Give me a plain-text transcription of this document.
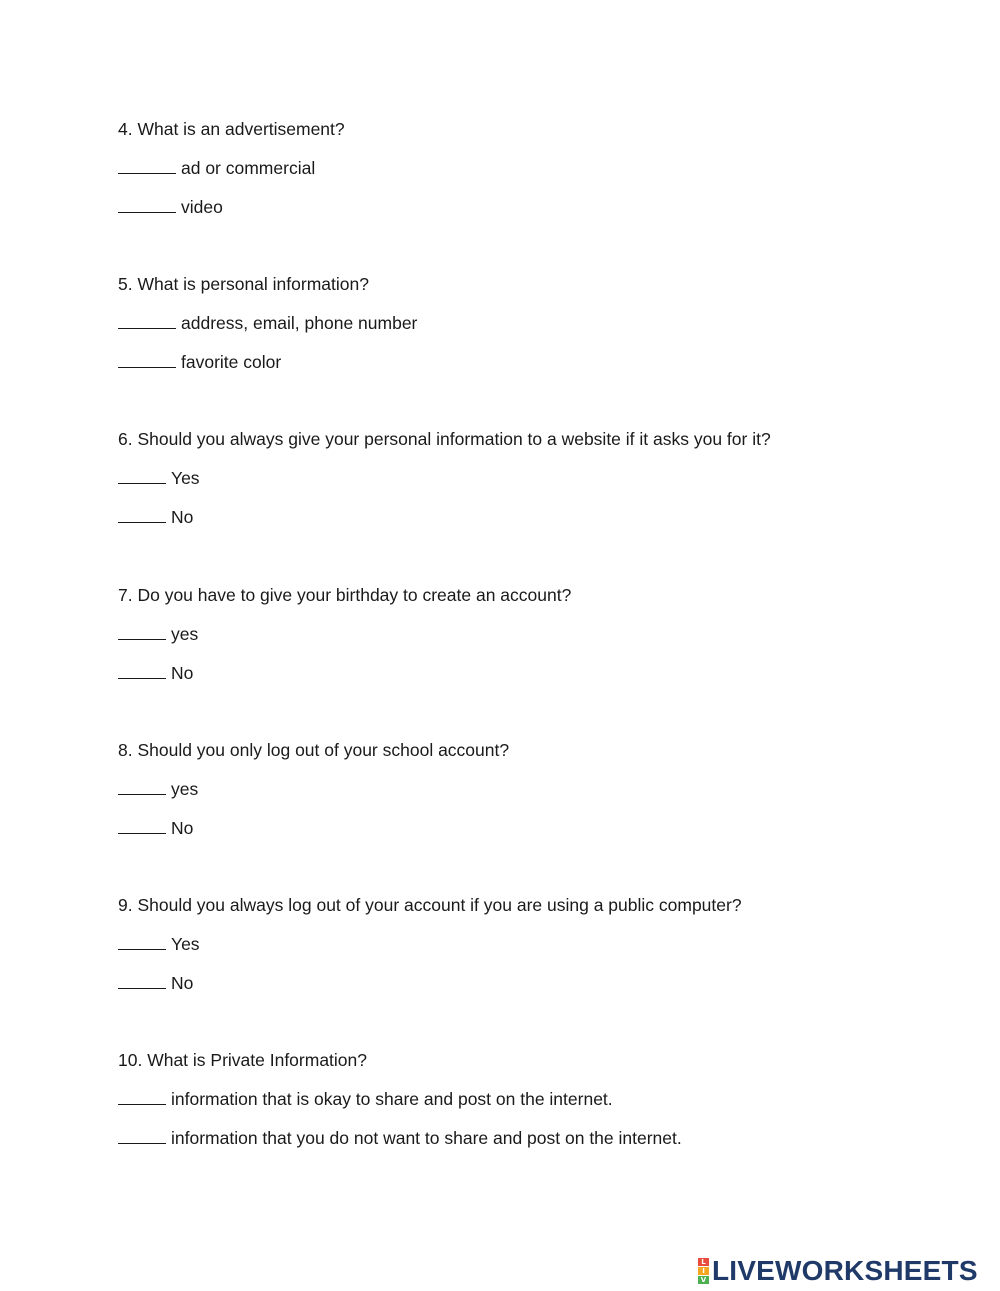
4. What is an advertisement?
ad or commercial
video
5. What is personal information?
address, email, phone number
favorite color
6. Should you always give your personal information to a website if it asks you for it?
Yes
No
7. Do you have to give your birthday to create an account?
yes
No
8. Should you only log out of your school account?
yes
No
9. Should you always log out of your account if you are using a public computer?
Yes
No
10. What is Private Information?
information that is okay to share and post on the internet.
information that you do not want to share and post on the internet.
L
I
V LIVEWORKSHEETS
